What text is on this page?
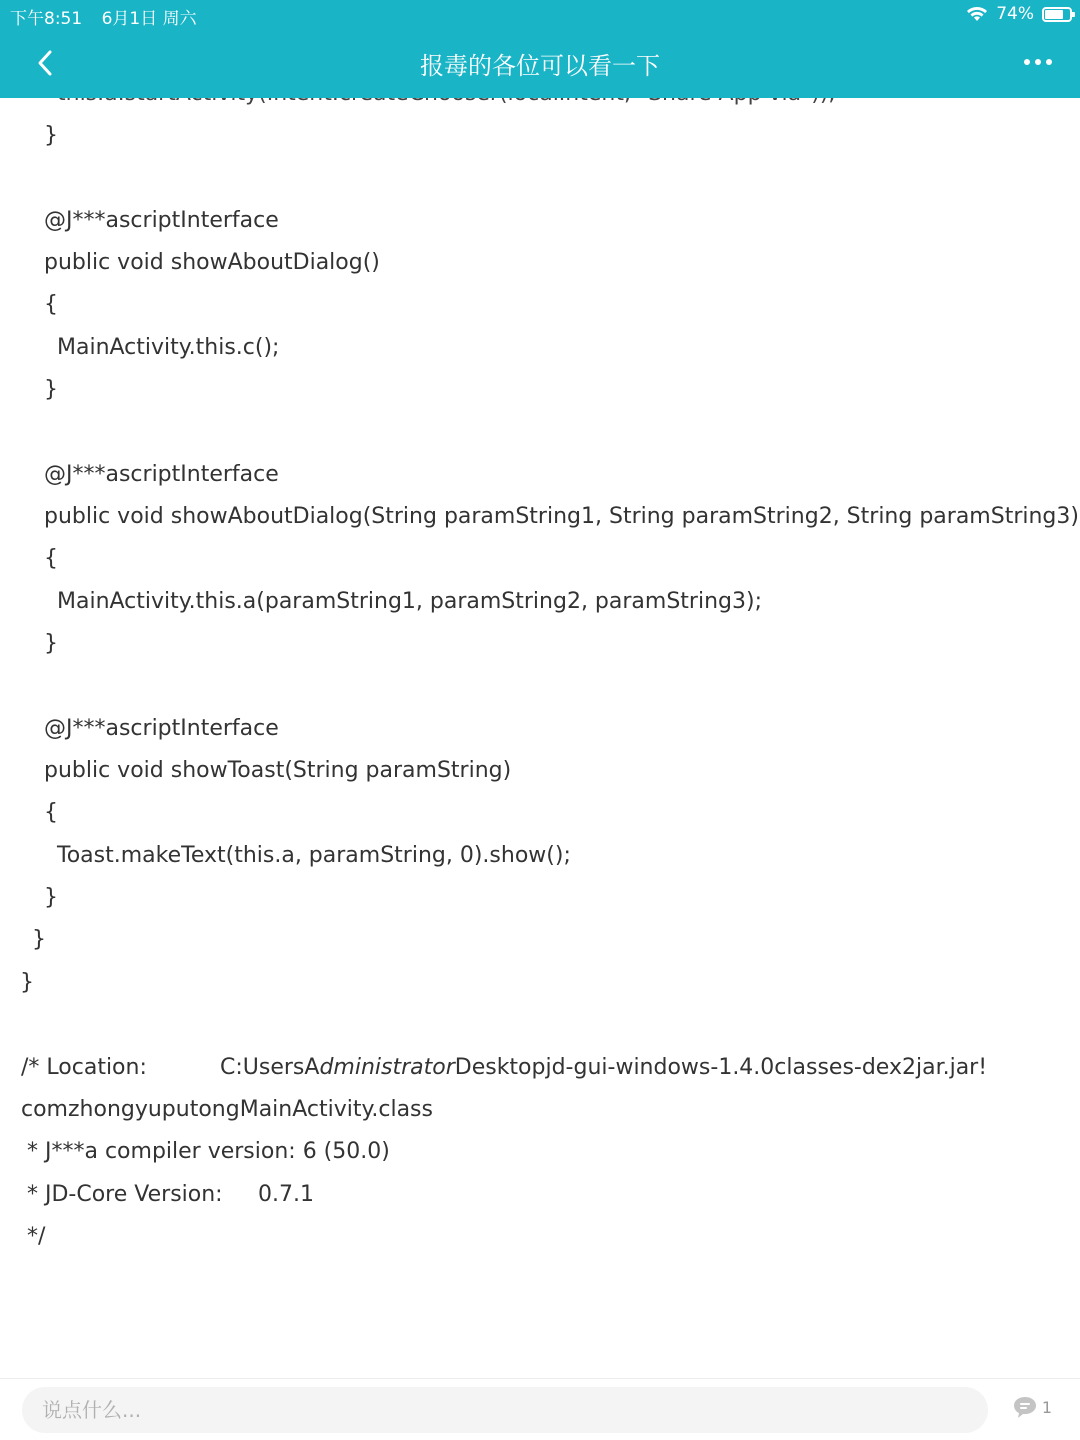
下午8:51 6月1日 周六	74%
报毒的各位可以看一下
}
@J***ascriptInterface
public void showAboutDialog()
{
MainActivity.this.c();
}
@J***ascriptInterface
public void showAboutDialog(String paramString1, String paramString2, String paramString3)
{
MainActivity.this.a(paramString1, paramString2, paramString3);
}
@J***ascriptInterface
public void showToast(String paramString)
{
Toast.makeText(this.a, paramString, 0).show();
}
}
}
/* Location:	C:UsersAdministratorDesktopjd-gui-windows-1.4.0classes-dex2jar.jar!
comzhongyuputongMainActivity.class
* J***a compiler version: 6 (50.0)
* JD-Core Version: 0.7.1
*/
说点什么...	1
